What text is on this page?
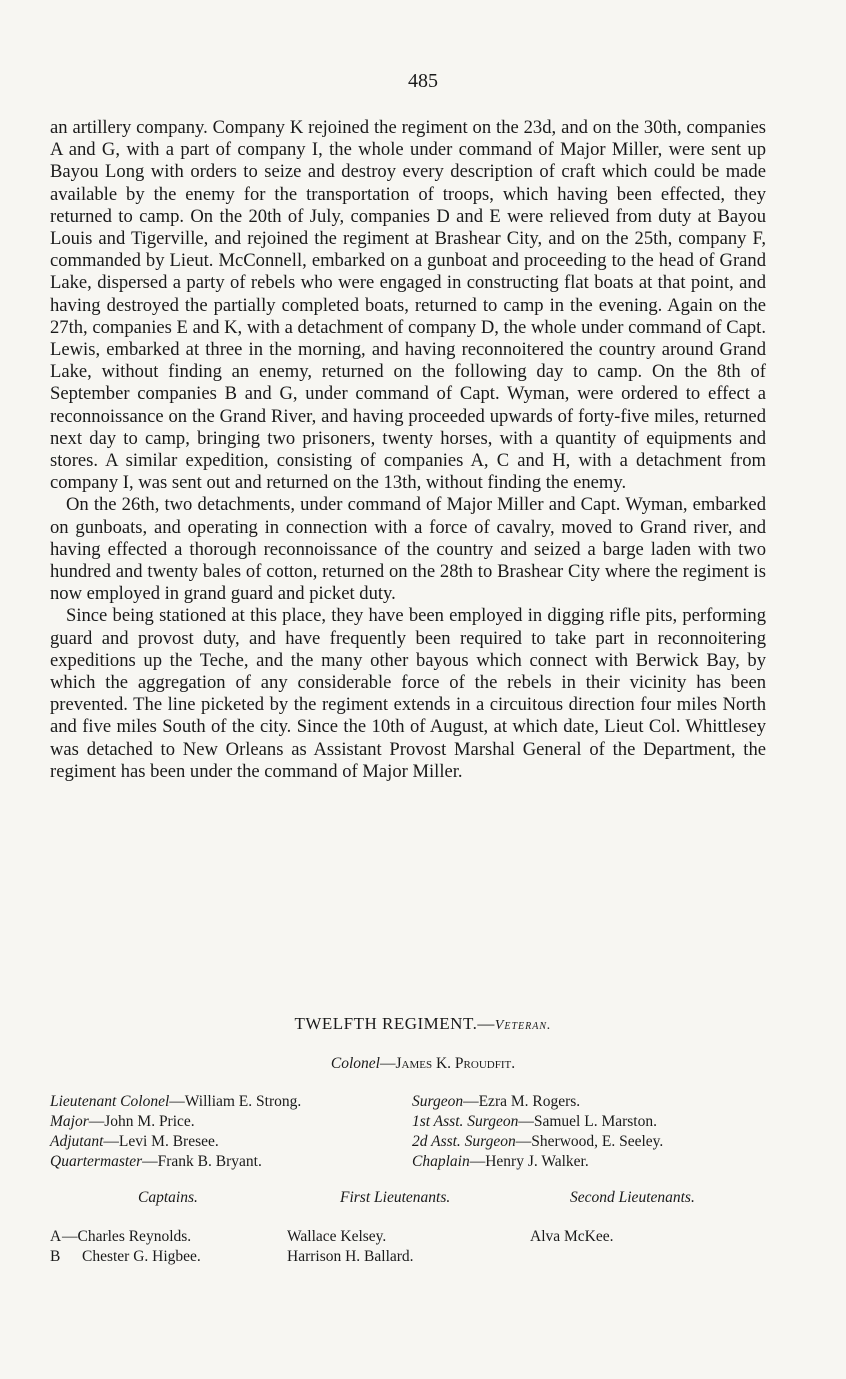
485

an artillery company. Company K rejoined the regiment on the 23d, and on the 30th, companies A and G, with a part of company I, the whole under command of Major Miller, were sent up Bayou Long with orders to seize and destroy every description of craft which could be made available by the enemy for the transportation of troops, which having been effected, they returned to camp. On the 20th of July, companies D and E were relieved from duty at Bayou Louis and Tigerville, and rejoined the regiment at Brashear City, and on the 25th, company F, commanded by Lieut. McConnell, embarked on a gunboat and proceeding to the head of Grand Lake, dispersed a party of rebels who were engaged in constructing flat boats at that point, and having destroyed the partially completed boats, returned to camp in the evening. Again on the 27th, companies E and K, with a detachment of company D, the whole under command of Capt. Lewis, embarked at three in the morning, and having reconnoitered the country around Grand Lake, without finding an enemy, returned on the following day to camp. On the 8th of September companies B and G, under command of Capt. Wyman, were ordered to effect a reconnoissance on the Grand River, and having proceeded upwards of forty-five miles, returned next day to camp, bringing two prisoners, twenty horses, with a quantity of equipments and stores. A similar expedition, consisting of companies A, C and H, with a detachment from company I, was sent out and returned on the 13th, without finding the enemy.

On the 26th, two detachments, under command of Major Miller and Capt. Wyman, embarked on gunboats, and operating in connection with a force of cavalry, moved to Grand river, and having effected a thorough reconnoissance of the country and seized a barge laden with two hundred and twenty bales of cotton, returned on the 28th to Brashear City where the regiment is now employed in grand guard and picket duty.

Since being stationed at this place, they have been employed in digging rifle pits, performing guard and provost duty, and have frequently been required to take part in reconnoitering expeditions up the Teche, and the many other bayous which connect with Berwick Bay, by which the aggregation of any considerable force of the rebels in their vicinity has been prevented. The line picketed by the regiment extends in a circuitous direction four miles North and five miles South of the city. Since the 10th of August, at which date, Lieut Col. Whittlesey was detached to New Orleans as Assistant Provost Marshal General of the Department, the regiment has been under the command of Major Miller.

TWELFTH REGIMENT.—Veteran.
Colonel—James K. Proudfit.
Lieutenant Colonel—William E. Strong.	Surgeon—Ezra M. Rogers.
Major—John M. Price.	1st Asst. Surgeon—Samuel L. Marston.
Adjutant—Levi M. Bresee.	2d Asst. Surgeon—Sherwood, E. Seeley.
Quartermaster—Frank B. Bryant.	Chaplain—Henry J. Walker.
Captains.	First Lieutenants.	Second Lieutenants.
A —Charles Reynolds.	Wallace Kelsey.	Alva McKee.
B Chester G. Higbee.	Harrison H. Ballard.
